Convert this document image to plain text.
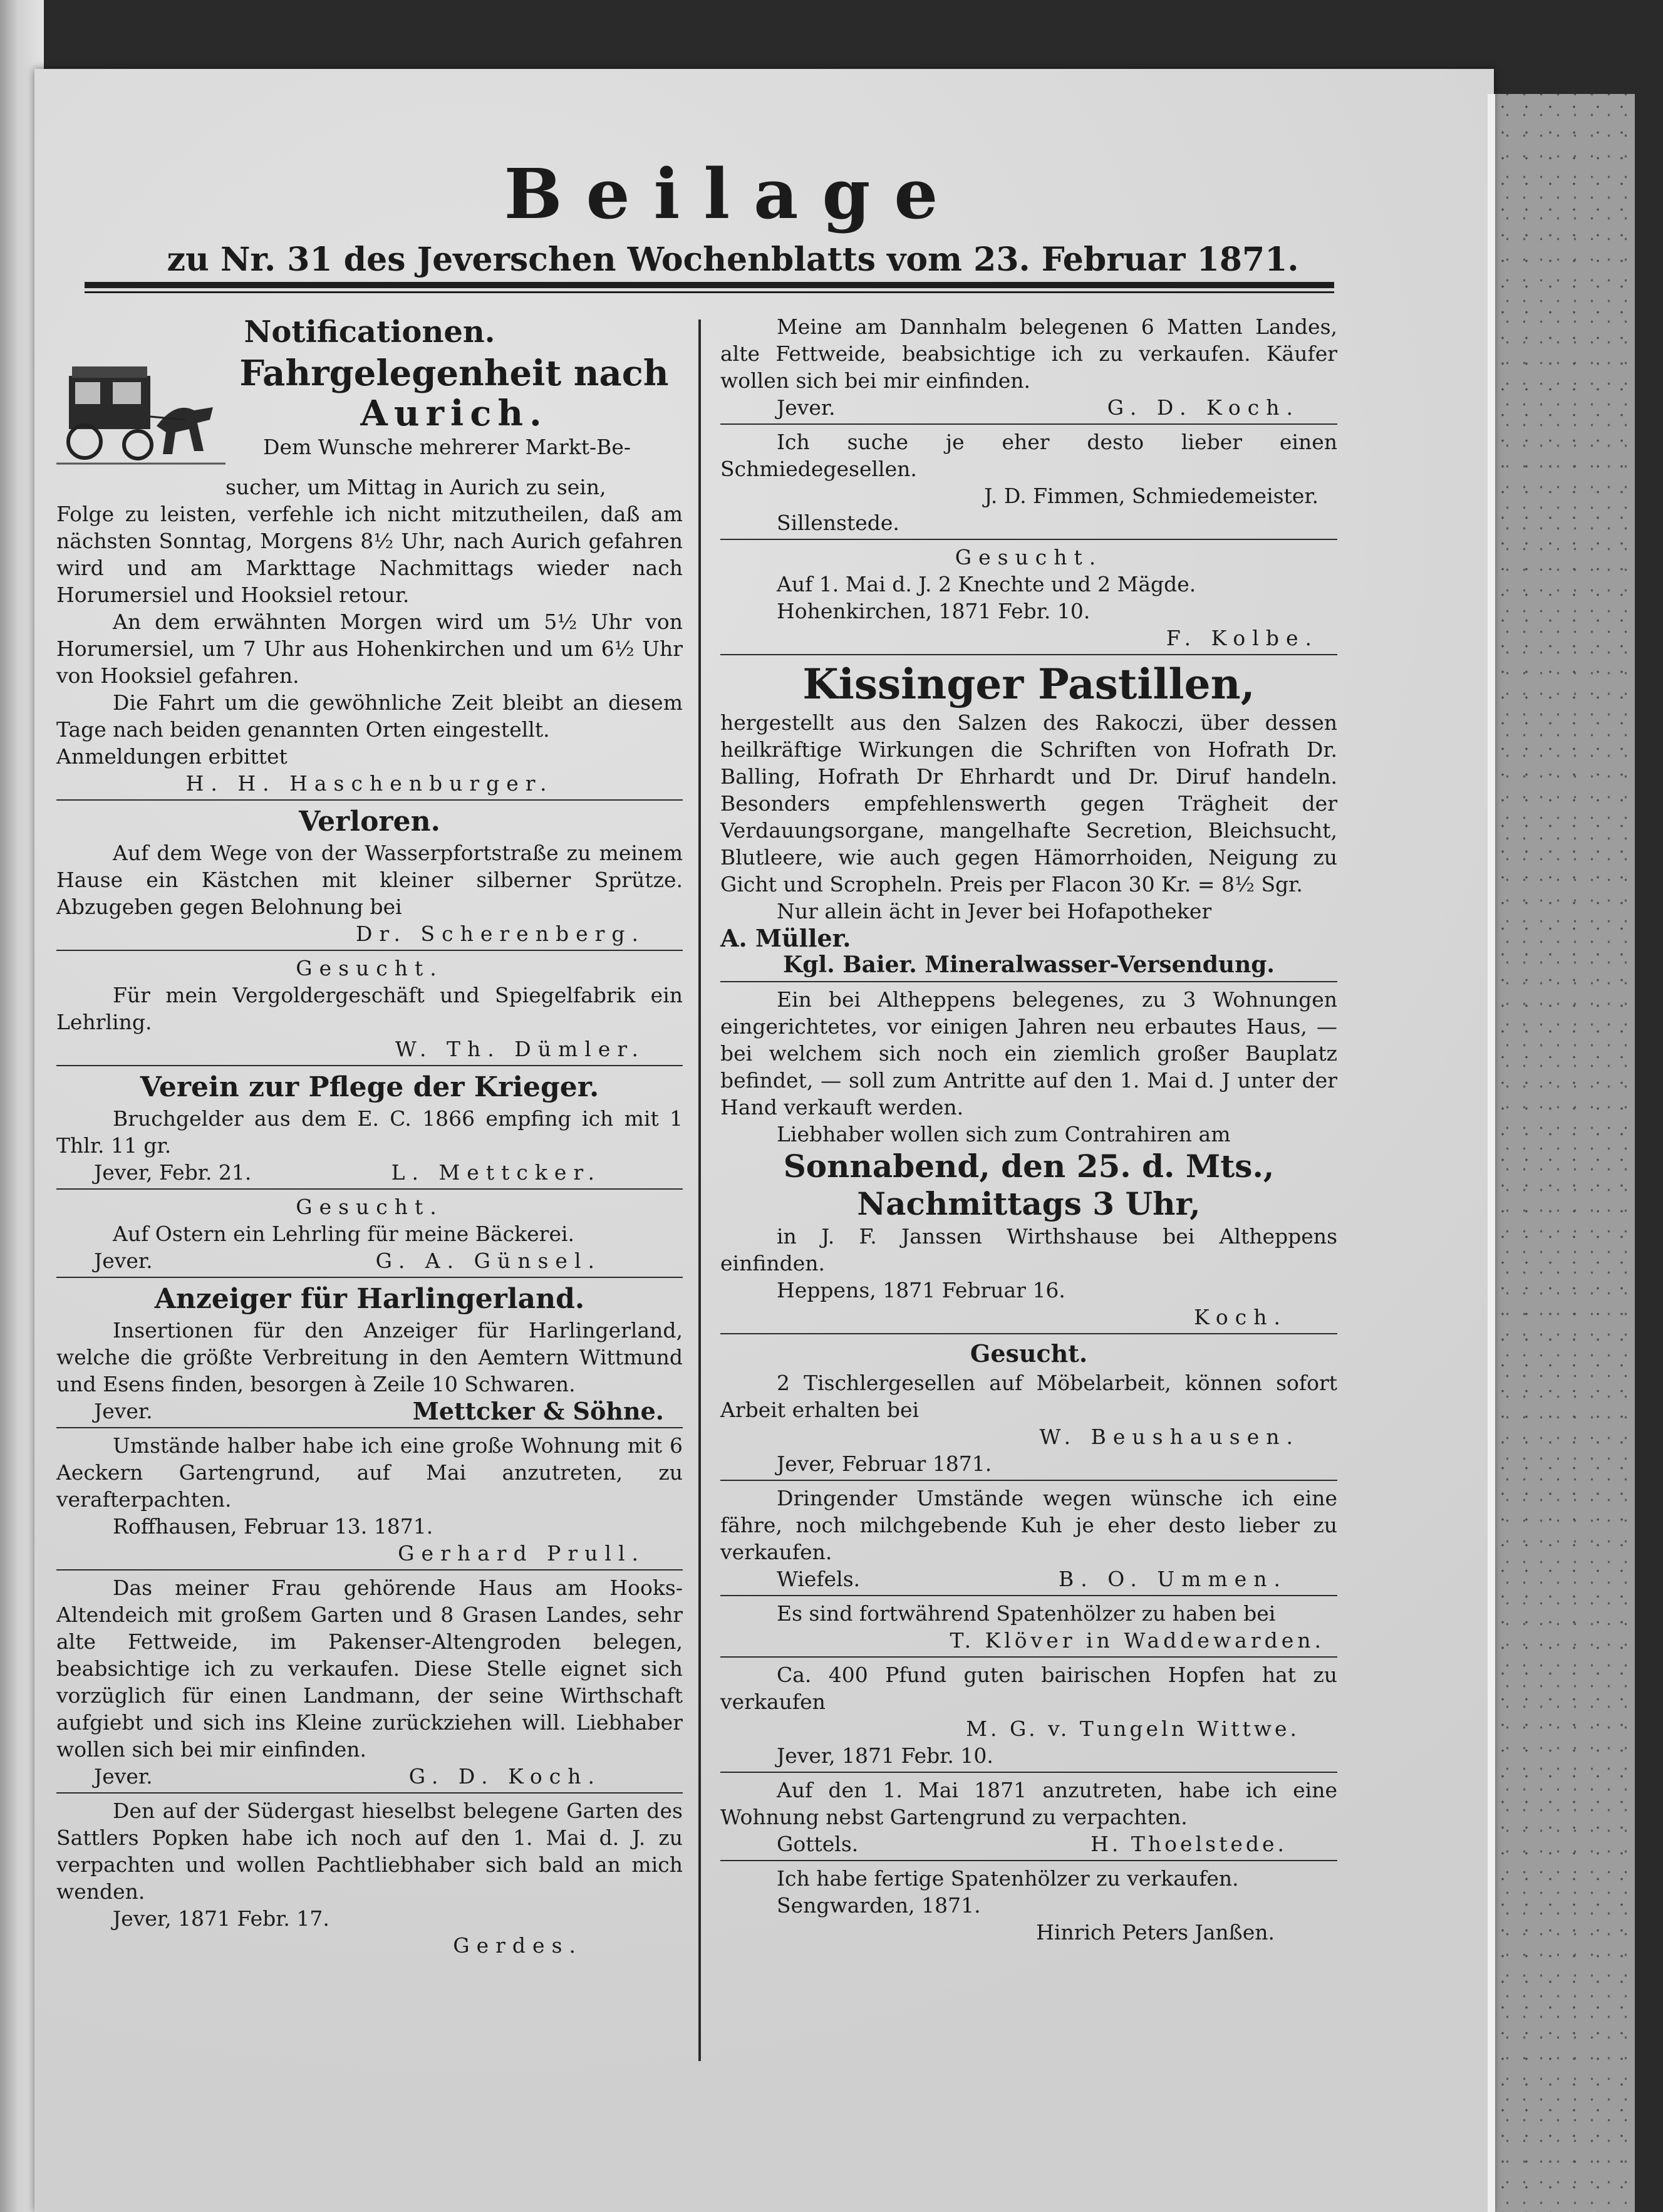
Beilage
zu Nr. 31 des Jeverschen Wochenblatts vom 23. Februar 1871.
Notificationen.
Fahrgelegenheit nach
Aurich.
Dem Wunsche mehrerer Markt-Be-

sucher, um Mittag in Aurich zu sein,

Folge zu leisten, verfehle ich nicht mitzutheilen, daß am nächsten Sonntag, Morgens 8½ Uhr, nach Aurich gefahren wird und am Markttage Nachmittags wieder nach Horumersiel und Hooksiel retour.

An dem erwähnten Morgen wird um 5½ Uhr von Horumersiel, um 7 Uhr aus Hohenkirchen und um 6½ Uhr von Hooksiel gefahren.

Die Fahrt um die gewöhnliche Zeit bleibt an diesem Tage nach beiden genannten Orten eingestellt.

Anmeldungen erbittet

H. H. Haschenburger.

Verloren.

Auf dem Wege von der Wasserpfortstraße zu meinem Hause ein Kästchen mit kleiner silberner Sprütze. Abzugeben gegen Belohnung bei

Dr. Scherenberg.

Gesucht.

Für mein Vergoldergeschäft und Spiegelfabrik ein Lehrling.

W. Th. Dümler.

Verein zur Pflege der Krieger.

Bruchgelder aus dem E. C. 1866 empfing ich mit 1 Thlr. 11 gr.

Jever, Febr. 21.	L. Mettcker.

Gesucht.

Auf Ostern ein Lehrling für meine Bäckerei.

Jever.	G. A. Günsel.
Anzeiger für Harlingerland.

Insertionen für den Anzeiger für Harlingerland, welche die größte Verbreitung in den Aemtern Wittmund und Esens finden, besorgen à Zeile 10 Schwaren.

Jever.	Mettcker & Söhne.

Umstände halber habe ich eine große Wohnung mit 6 Aeckern Gartengrund, auf Mai anzutreten, zu verafterpachten.

Roffhausen, Februar 13. 1871.

Gerhard Prull.

Das meiner Frau gehörende Haus am Hooks-Altendeich mit großem Garten und 8 Grasen Landes, sehr alte Fettweide, im Pakenser-Altengroden belegen, beabsichtige ich zu verkaufen. Diese Stelle eignet sich vorzüglich für einen Landmann, der seine Wirthschaft aufgiebt und sich ins Kleine zurückziehen will. Liebhaber wollen sich bei mir einfinden.

Jever.	G. D. Koch.

Den auf der Südergast hieselbst belegene Garten des Sattlers Popken habe ich noch auf den 1. Mai d. J. zu verpachten und wollen Pachtliebhaber sich bald an mich wenden.

Jever, 1871 Febr. 17.

Gerdes.

Meine am Dannhalm belegenen 6 Matten Landes, alte Fettweide, beabsichtige ich zu verkaufen. Käufer wollen sich bei mir einfinden.

Jever.	G. D. Koch.

Ich suche je eher desto lieber einen Schmiedegesellen.

J. D. Fimmen, Schmiedemeister.

Sillenstede.

Gesucht.

Auf 1. Mai d. J. 2 Knechte und 2 Mägde.

Hohenkirchen, 1871 Febr. 10.

F. Kolbe.

Kissinger Pastillen,

hergestellt aus den Salzen des Rakoczi, über dessen heilkräftige Wirkungen die Schriften von Hofrath Dr. Balling, Hofrath Dr Ehrhardt und Dr. Diruf handeln. Besonders empfehlenswerth gegen Trägheit der Verdauungsorgane, mangelhafte Secretion, Bleichsucht, Blutleere, wie auch gegen Hämorrhoiden, Neigung zu Gicht und Scropheln. Preis per Flacon 30 Kr. = 8½ Sgr.

Nur allein ächt in Jever bei Hofapotheker

A. Müller.

Kgl. Baier. Mineralwasser-Versendung.

Ein bei Altheppens belegenes, zu 3 Wohnungen eingerichtetes, vor einigen Jahren neu erbautes Haus, — bei welchem sich noch ein ziemlich großer Bauplatz befindet, — soll zum Antritte auf den 1. Mai d. J unter der Hand verkauft werden.

Liebhaber wollen sich zum Contrahiren am

Sonnabend, den 25. d. Mts.,
Nachmittags 3 Uhr,

in J. F. Janssen Wirthshause bei Altheppens einfinden.

Heppens, 1871 Februar 16.

Koch.

Gesucht.

2 Tischlergesellen auf Möbelarbeit, können sofort Arbeit erhalten bei

W. Beushausen.

Jever, Februar 1871.

Dringender Umstände wegen wünsche ich eine fähre, noch milchgebende Kuh je eher desto lieber zu verkaufen.

Wiefels.	B. O. Ummen.

Es sind fortwährend Spatenhölzer zu haben bei

T. Klöver in Waddewarden.

Ca. 400 Pfund guten bairischen Hopfen hat zu verkaufen

M. G. v. Tungeln Wittwe.

Jever, 1871 Febr. 10.

Auf den 1. Mai 1871 anzutreten, habe ich eine Wohnung nebst Gartengrund zu verpachten.

Gottels.	H. Thoelstede.

Ich habe fertige Spatenhölzer zu verkaufen.

Sengwarden, 1871.

Hinrich Peters Janßen.
